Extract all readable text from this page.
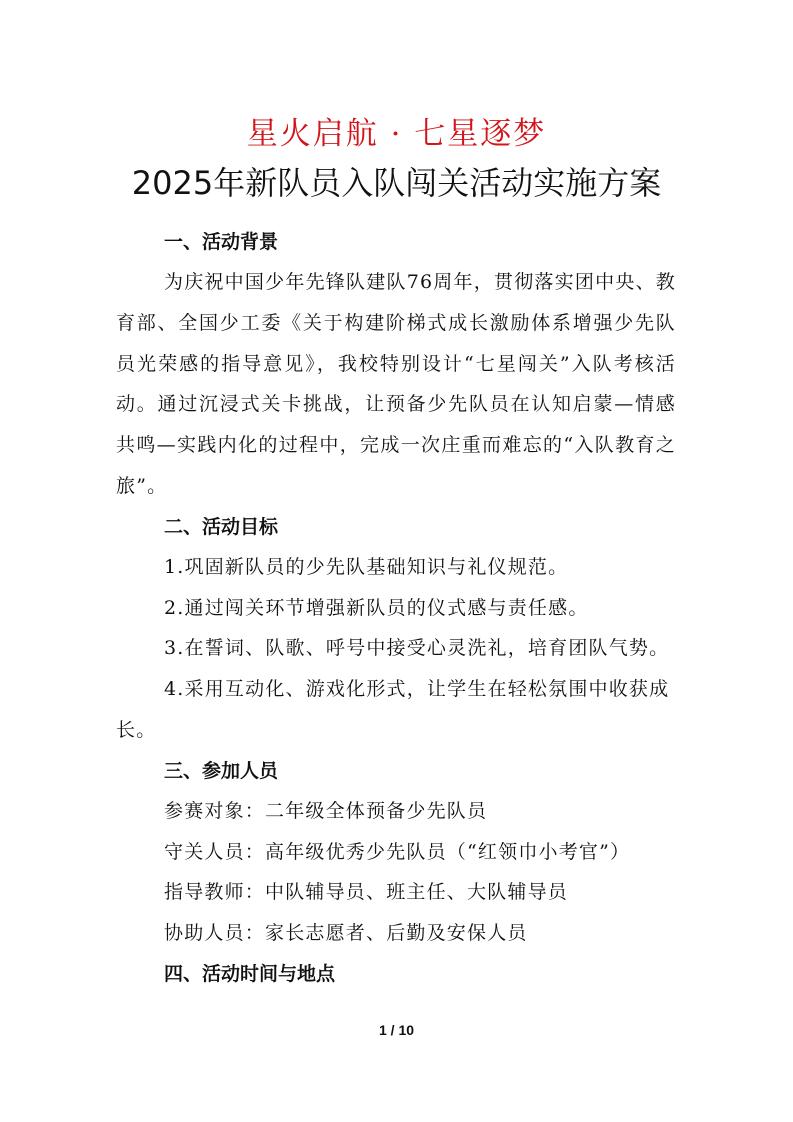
星火启航 · 七星逐梦
2025年新队员入队闯关活动实施方案
一、活动背景

为庆祝中国少年先锋队建队76周年，贯彻落实团中央、教育部、全国少工委《关于构建阶梯式成长激励体系增强少先队员光荣感的指导意见》，我校特别设计“七星闯关”入队考核活动。通过沉浸式关卡挑战，让预备少先队员在认知启蒙—情感共鸣—实践内化的过程中，完成一次庄重而难忘的“入队教育之旅”。

二、活动目标

1.巩固新队员的少先队基础知识与礼仪规范。

2.通过闯关环节增强新队员的仪式感与责任感。

3.在誓词、队歌、呼号中接受心灵洗礼，培育团队气势。

4.采用互动化、游戏化形式，让学生在轻松氛围中收获成长。

三、参加人员

参赛对象：二年级全体预备少先队员

守关人员：高年级优秀少先队员（“红领巾小考官”）

指导教师：中队辅导员、班主任、大队辅导员

协助人员：家长志愿者、后勤及安保人员

四、活动时间与地点
1 / 10
